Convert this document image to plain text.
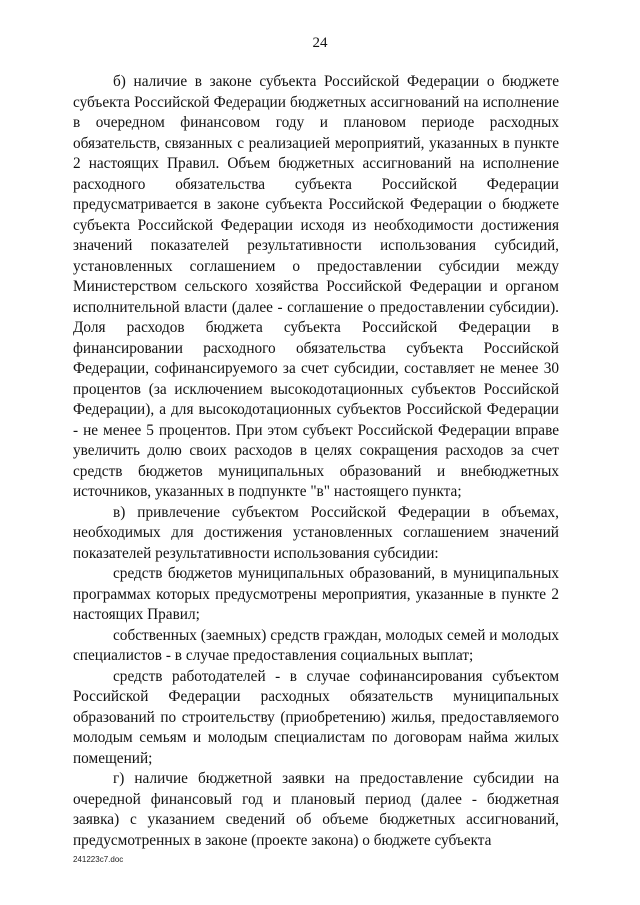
24

б) наличие в законе субъекта Российской Федерации о бюджете субъекта Российской Федерации бюджетных ассигнований на исполнение в очередном финансовом году и плановом периоде расходных обязательств, связанных с реализацией мероприятий, указанных в пункте 2 настоящих Правил. Объем бюджетных ассигнований на исполнение расходного обязательства субъекта Российской Федерации предусматривается в законе субъекта Российской Федерации о бюджете субъекта Российской Федерации исходя из необходимости достижения значений показателей результативности использования субсидий, установленных соглашением о предоставлении субсидии между Министерством сельского хозяйства Российской Федерации и органом исполнительной власти (далее - соглашение о предоставлении субсидии). Доля расходов бюджета субъекта Российской Федерации в финансировании расходного обязательства субъекта Российской Федерации, софинансируемого за счет субсидии, составляет не менее 30 процентов (за исключением высокодотационных субъектов Российской Федерации), а для высокодотационных субъектов Российской Федерации - не менее 5 процентов. При этом субъект Российской Федерации вправе увеличить долю своих расходов в целях сокращения расходов за счет средств бюджетов муниципальных образований и внебюджетных источников, указанных в подпункте "в" настоящего пункта;

в) привлечение субъектом Российской Федерации в объемах, необходимых для достижения установленных соглашением значений показателей результативности использования субсидии:

средств бюджетов муниципальных образований, в муниципальных программах которых предусмотрены мероприятия, указанные в пункте 2 настоящих Правил;

собственных (заемных) средств граждан, молодых семей и молодых специалистов - в случае предоставления социальных выплат;

средств работодателей - в случае софинансирования субъектом Российской Федерации расходных обязательств муниципальных образований по строительству (приобретению) жилья, предоставляемого молодым семьям и молодым специалистам по договорам найма жилых помещений;

г) наличие бюджетной заявки на предоставление субсидии на очередной финансовый год и плановый период (далее - бюджетная заявка) с указанием сведений об объеме бюджетных ассигнований, предусмотренных в законе (проекте закона) о бюджете субъекта

241223c7.doc
